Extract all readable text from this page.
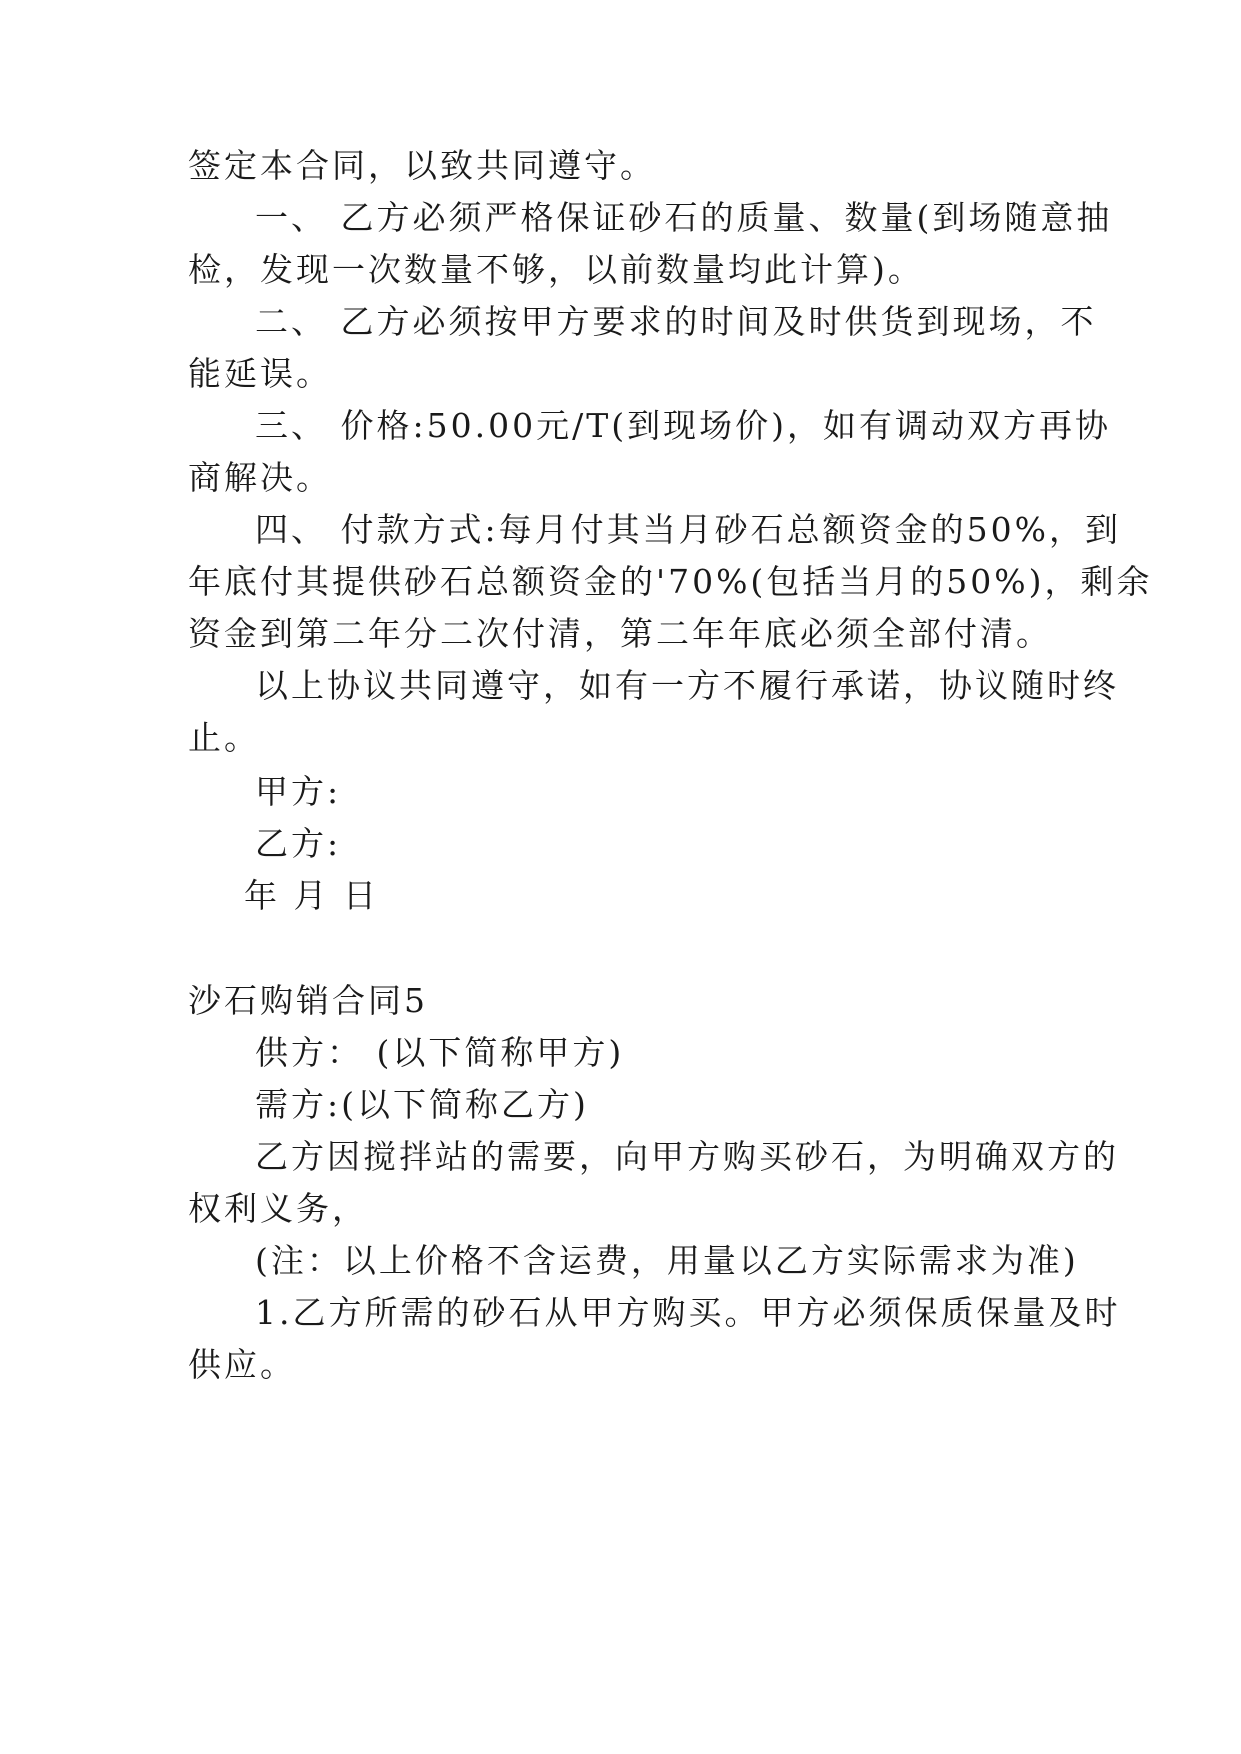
签定本合同，以致共同遵守。
一、 乙方必须严格保证砂石的质量、数量(到场随意抽
检，发现一次数量不够，以前数量均此计算)。
二、 乙方必须按甲方要求的时间及时供货到现场，不
能延误。
三、 价格:50.00元/T(到现场价)，如有调动双方再协
商解决。
四、 付款方式:每月付其当月砂石总额资金的50%，到
年底付其提供砂石总额资金的'70%(包括当月的50%)，剩余
资金到第二年分二次付清，第二年年底必须全部付清。
以上协议共同遵守，如有一方不履行承诺，协议随时终
止。
甲方:
乙方:
年 月 日
沙石购销合同5
供方： (以下简称甲方)
需方:(以下简称乙方)
乙方因搅拌站的需要，向甲方购买砂石，为明确双方的
权利义务，
(注：以上价格不含运费，用量以乙方实际需求为准)
1.乙方所需的砂石从甲方购买。甲方必须保质保量及时
供应。
